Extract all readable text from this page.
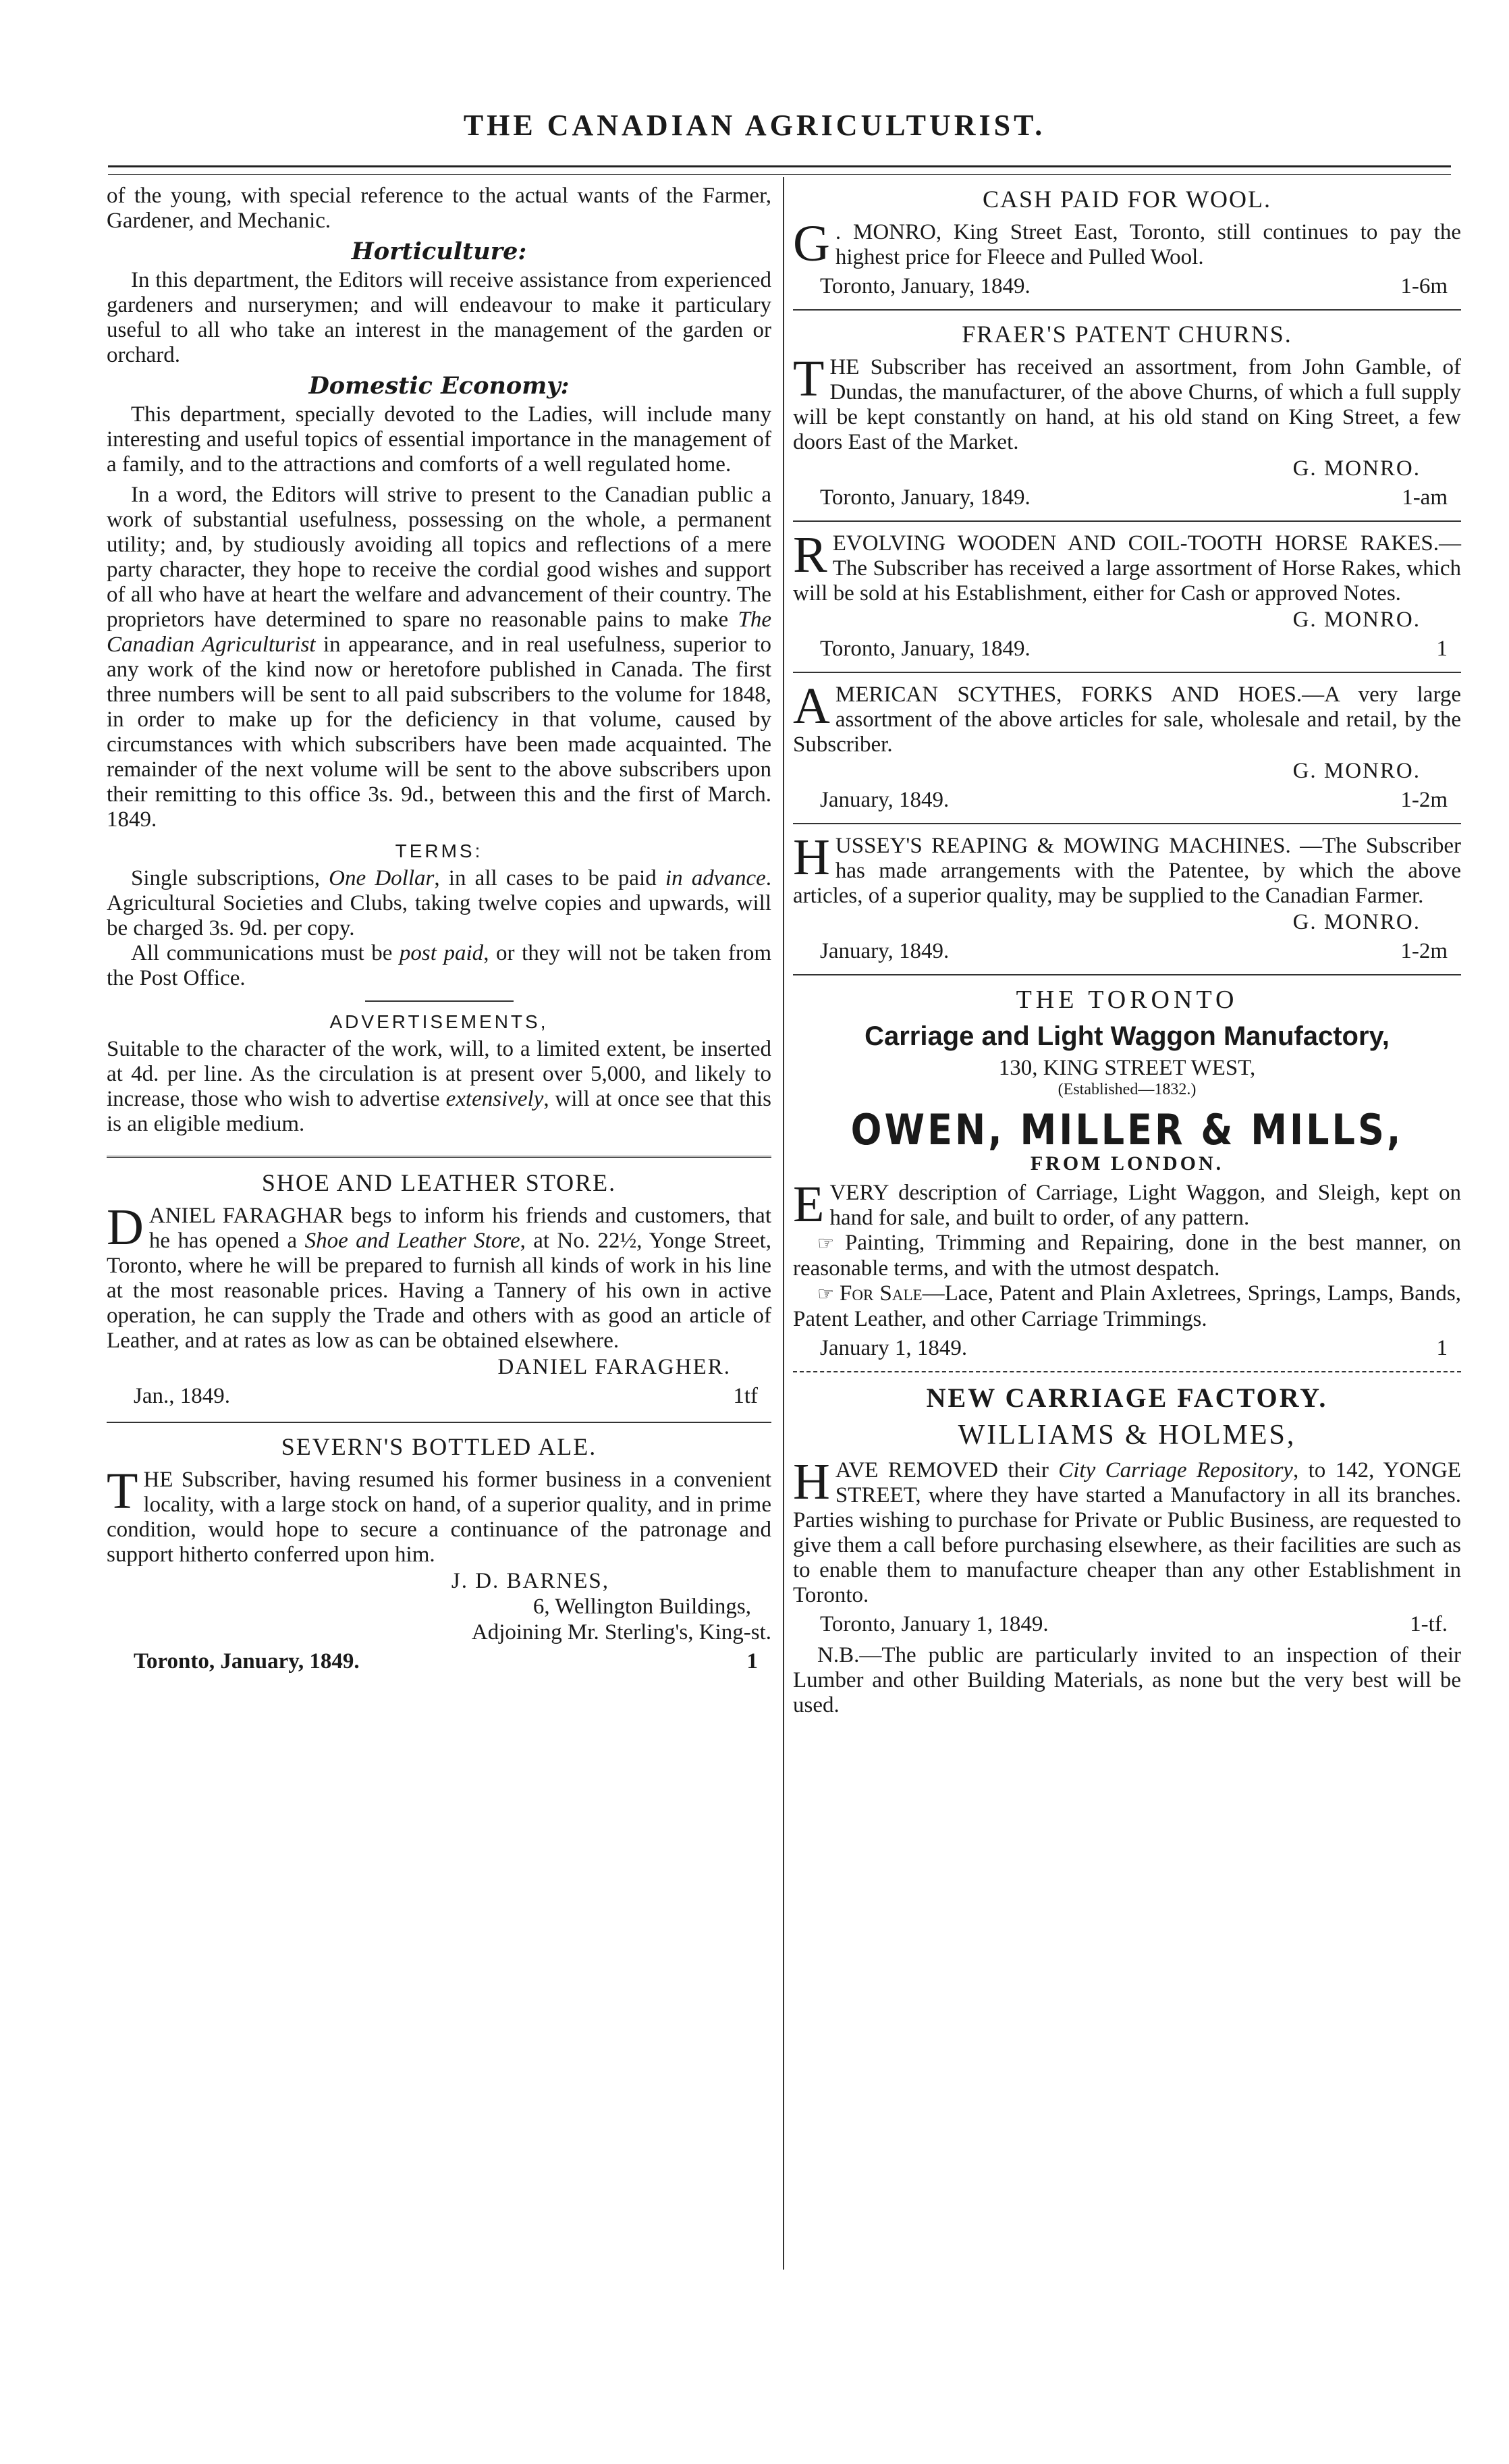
THE CANADIAN AGRICULTURIST.

of the young, with special reference to the actual wants of the Farmer, Gardener, and Mechanic.

Horticulture:

In this department, the Editors will receive assistance from experienced gardeners and nurserymen; and will endeavour to make it particulary useful to all who take an interest in the management of the garden or orchard.

Domestic Economy:

This department, specially devoted to the Ladies, will include many interesting and useful topics of essential importance in the management of a family, and to the attractions and comforts of a well regulated home.

In a word, the Editors will strive to present to the Canadian public a work of substantial usefulness, possessing on the whole, a permanent utility; and, by studiously avoiding all topics and reflections of a mere party character, they hope to receive the cordial good wishes and support of all who have at heart the welfare and advancement of their country. The proprietors have determined to spare no reasonable pains to make The Canadian Agriculturist in appearance, and in real usefulness, superior to any work of the kind now or heretofore published in Canada. The first three numbers will be sent to all paid subscribers to the volume for 1848, in order to make up for the deficiency in that volume, caused by circumstances with which subscribers have been made acquainted. The remainder of the next volume will be sent to the above subscribers upon their remitting to this office 3s. 9d., between this and the first of March. 1849.

TERMS:

Single subscriptions, One Dollar, in all cases to be paid in advance. Agricultural Societies and Clubs, taking twelve copies and upwards, will be charged 3s. 9d. per copy.

All communications must be post paid, or they will not be taken from the Post Office.

ADVERTISEMENTS,

Suitable to the character of the work, will, to a limited extent, be inserted at 4d. per line. As the circulation is at present over 5,000, and likely to increase, those who wish to advertise extensively, will at once see that this is an eligible medium.

SHOE AND LEATHER STORE.

DANIEL FARAGHAR begs to inform his friends and customers, that he has opened a Shoe and Leather Store, at No. 22½, Yonge Street, Toronto, where he will be prepared to furnish all kinds of work in his line at the most reasonable prices. Having a Tannery of his own in active operation, he can supply the Trade and others with as good an article of Leather, and at rates as low as can be obtained elsewhere.

DANIEL FARAGHER.
Jan., 1849.	1tf
SEVERN'S BOTTLED ALE.

THE Subscriber, having resumed his former business in a convenient locality, with a large stock on hand, of a superior quality, and in prime condition, would hope to secure a continuance of the patronage and support hitherto conferred upon him.

J. D. BARNES,
6, Wellington Buildings,
Adjoining Mr. Sterling's, King-st.
Toronto, January, 1849.	1
CASH PAID FOR WOOL.

G . MONRO, King Street East, Toronto, still continues to pay the highest price for Fleece and Pulled Wool.

Toronto, January, 1849.	1-6m
FRAER'S PATENT CHURNS.

THE Subscriber has received an assortment, from John Gamble, of Dundas, the manufacturer, of the above Churns, of which a full supply will be kept constantly on hand, at his old stand on King Street, a few doors East of the Market.

G. MONRO.
Toronto, January, 1849.	1-am

REVOLVING WOODEN AND COIL-TOOTH HORSE RAKES.—The Subscriber has received a large assortment of Horse Rakes, which will be sold at his Establishment, either for Cash or approved Notes.

G. MONRO.
Toronto, January, 1849.	1

AMERICAN SCYTHES, FORKS AND HOES.—A very large assortment of the above articles for sale, wholesale and retail, by the Subscriber.

G. MONRO.
January, 1849.	1-2m

HUSSEY'S REAPING & MOWING MACHINES. —The Subscriber has made arrangements with the Patentee, by which the above articles, of a superior quality, may be supplied to the Canadian Farmer.

G. MONRO.
January, 1849.	1-2m
THE TORONTO
Carriage and Light Waggon Manufactory,
130, KING STREET WEST,
(Established—1832.)
OWEN, MILLER & MILLS,
FROM LONDON.

EVERY description of Carriage, Light Waggon, and Sleigh, kept on hand for sale, and built to order, of any pattern.

☞ Painting, Trimming and Repairing, done in the best manner, on reasonable terms, and with the utmost despatch.

☞ For Sale—Lace, Patent and Plain Axletrees, Springs, Lamps, Bands, Patent Leather, and other Carriage Trimmings.

January 1, 1849.	1
NEW CARRIAGE FACTORY.
WILLIAMS & HOLMES,

HAVE REMOVED their City Carriage Repository, to 142, YONGE STREET, where they have started a Manufactory in all its branches. Parties wishing to purchase for Private or Public Business, are requested to give them a call before purchasing elsewhere, as their facilities are such as to enable them to manufacture cheaper than any other Establishment in Toronto.

Toronto, January 1, 1849.	1-tf.

N.B.—The public are particularly invited to an inspection of their Lumber and other Building Materials, as none but the very best will be used.
